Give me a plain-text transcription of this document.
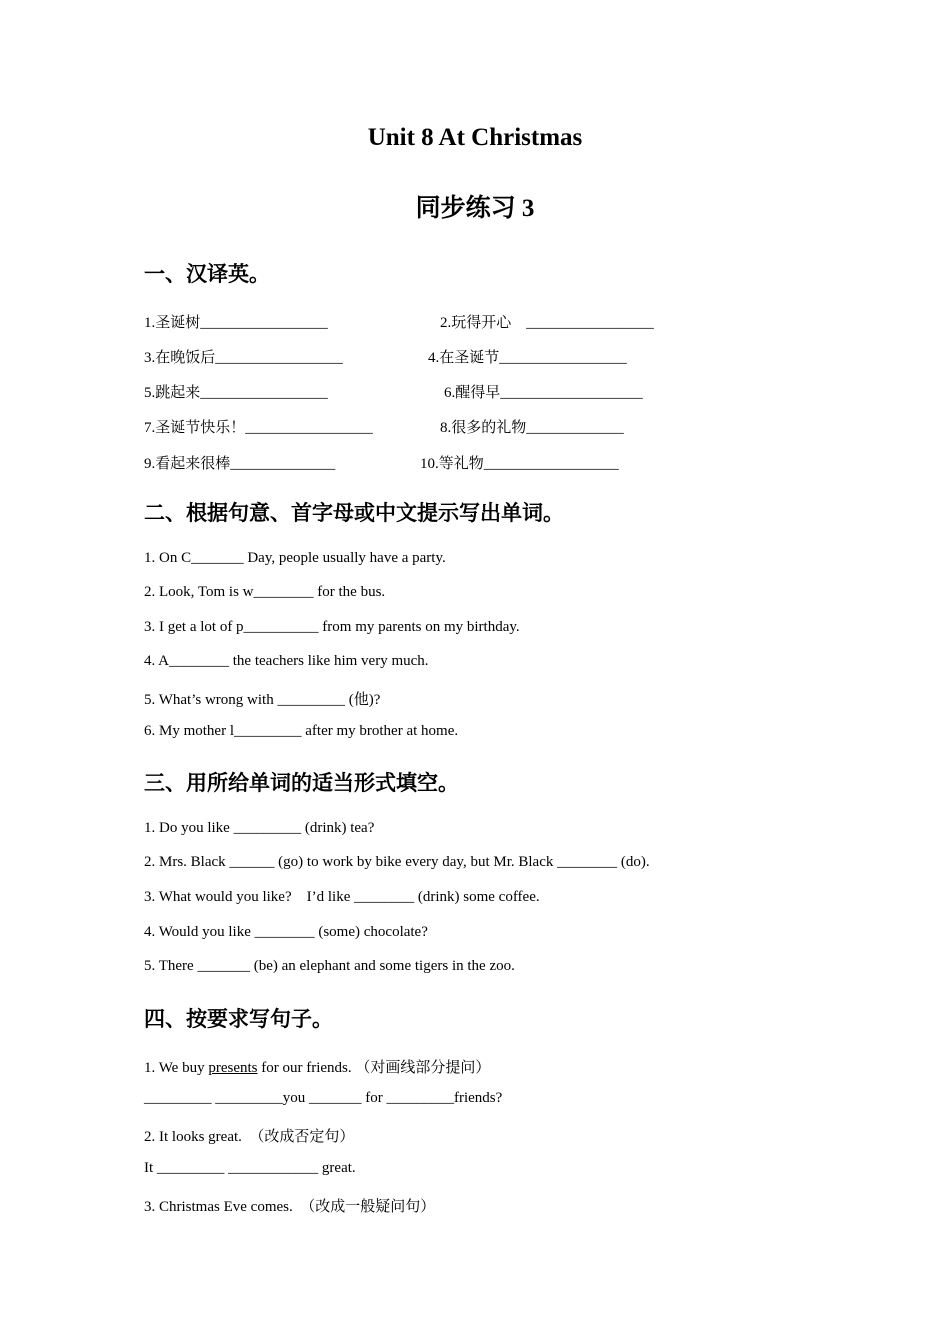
Unit 8 At Christmas
同步练习 3
一、汉译英。
1.圣诞树_________________	2.玩得开心    _________________
3.在晚饭后_________________	4.在圣诞节_________________
5.跳起来_________________	6.醒得早___________________
7.圣诞节快乐！_________________	8.很多的礼物_____________
9.看起来很棒______________	10.等礼物__________________
二、根据句意、首字母或中文提示写出单词。

1. On C_______ Day, people usually have a party.

2. Look, Tom is w________ for the bus.

3. I get a lot of p__________ from my parents on my birthday.

4. A________ the teachers like him very much.

5. What’s wrong with _________ (他)?

6. My mother l_________ after my brother at home.

三、用所给单词的适当形式填空。

1. Do you like _________ (drink) tea?

2. Mrs. Black ______ (go) to work by bike every day, but Mr. Black ________ (do).

3. What would you like?    I’d like ________ (drink) some coffee.

4. Would you like ________ (some) chocolate?

5. There _______ (be) an elephant and some tigers in the zoo.

四、按要求写句子。

1. We buy presents for our friends. （对画线部分提问）

_________ _________you _______ for _________friends?

2. It looks great.  （改成否定句）

It _________ ____________ great.

3. Christmas Eve comes.  （改成一般疑问句）
